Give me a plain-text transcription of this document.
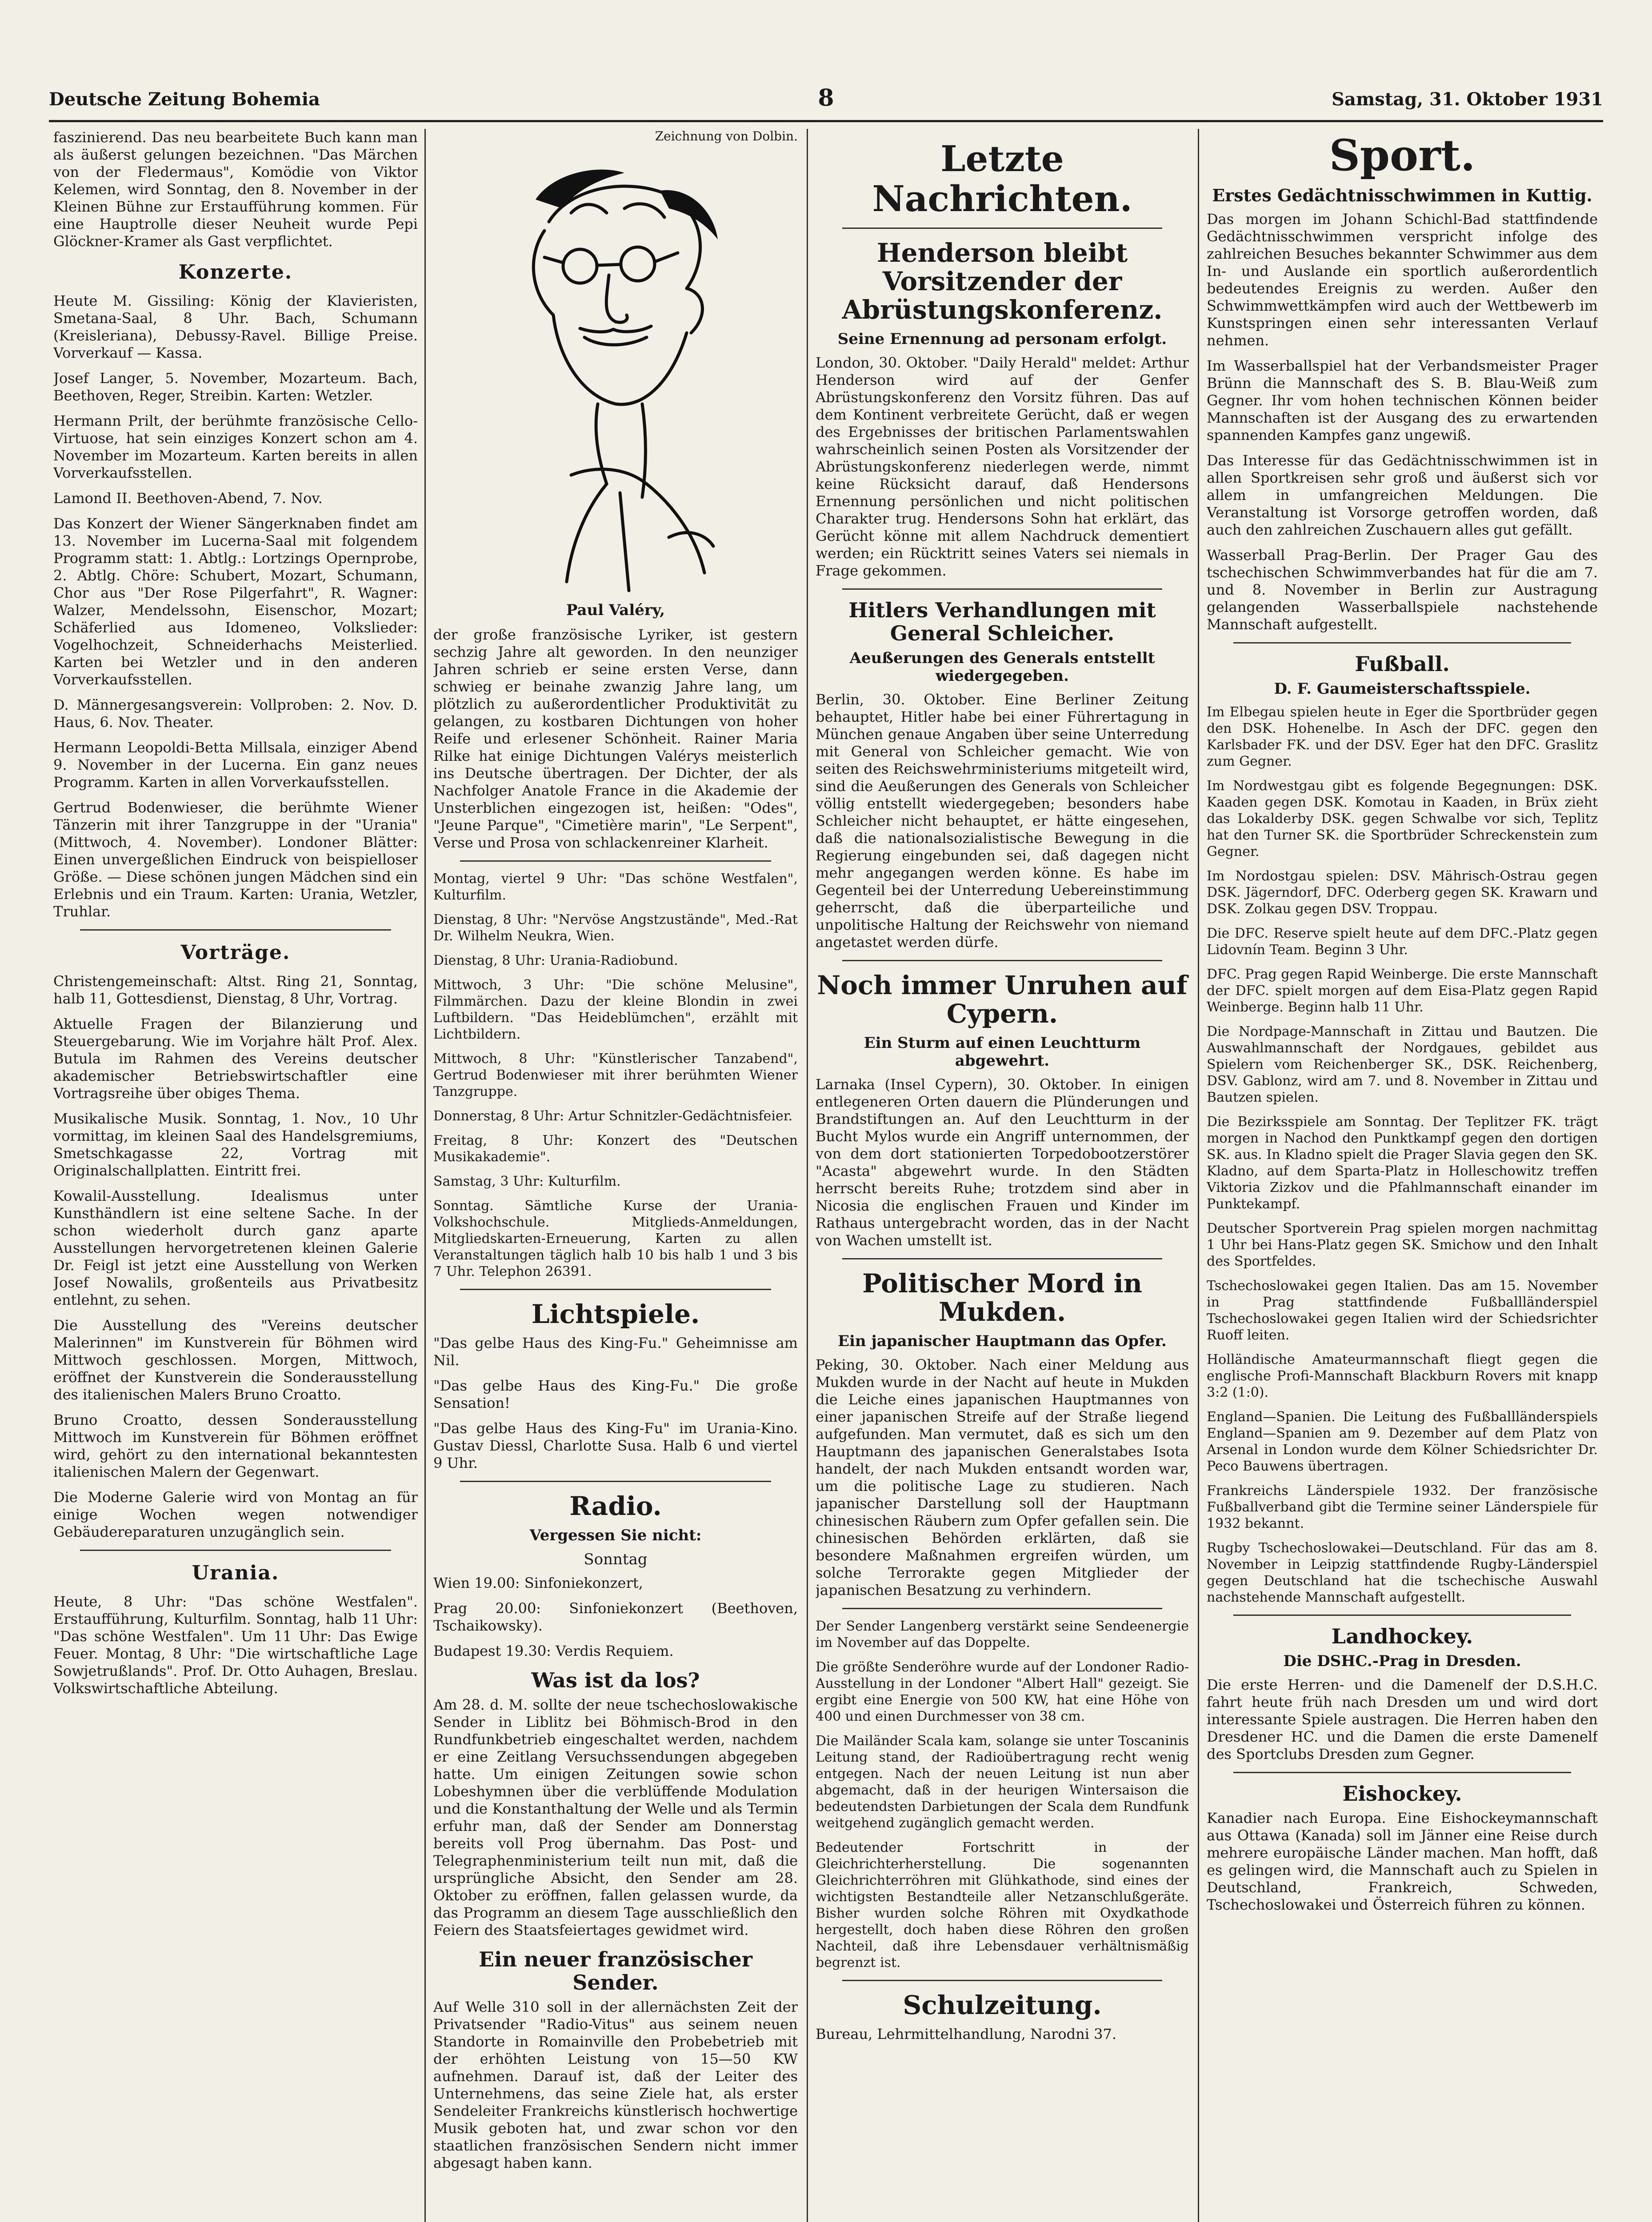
Deutsche Zeitung Bohemia	8	Samstag, 31. Oktober 1931

faszinierend. Das neu bearbeitete Buch kann man als äußerst gelungen bezeichnen. "Das Märchen von der Fledermaus", Komödie von Viktor Kelemen, wird Sonntag, den 8. November in der Kleinen Bühne zur Erstaufführung kommen. Für eine Hauptrolle dieser Neuheit wurde Pepi Glöckner-Kramer als Gast verpflichtet.

Konzerte.

Heute M. Gissiling: König der Klavieristen, Smetana-Saal, 8 Uhr. Bach, Schumann (Kreisleriana), Debussy-Ravel. Billige Preise. Vorverkauf — Kassa.

Josef Langer, 5. November, Mozarteum. Bach, Beethoven, Reger, Streibin. Karten: Wetzler.

Hermann Prilt, der berühmte französische Cello-Virtuose, hat sein einziges Konzert schon am 4. November im Mozarteum. Karten bereits in allen Vorverkaufsstellen.

Lamond II. Beethoven-Abend, 7. Nov.

Das Konzert der Wiener Sängerknaben findet am 13. November im Lucerna-Saal mit folgendem Programm statt: 1. Abtlg.: Lortzings Opernprobe, 2. Abtlg. Chöre: Schubert, Mozart, Schumann, Chor aus "Der Rose Pilgerfahrt", R. Wagner: Walzer, Mendelssohn, Eisenschor, Mozart; Schäferlied aus Idomeneo, Volkslieder: Vogelhochzeit, Schneiderhachs Meisterlied. Karten bei Wetzler und in den anderen Vorverkaufsstellen.

D. Männergesangsverein: Vollproben: 2. Nov. D. Haus, 6. Nov. Theater.

Hermann Leopoldi-Betta Millsala, einziger Abend 9. November in der Lucerna. Ein ganz neues Programm. Karten in allen Vorverkaufsstellen.

Gertrud Bodenwieser, die berühmte Wiener Tänzerin mit ihrer Tanzgruppe in der "Urania" (Mittwoch, 4. November). Londoner Blätter: Einen unvergeßlichen Eindruck von beispielloser Größe. — Diese schönen jungen Mädchen sind ein Erlebnis und ein Traum. Karten: Urania, Wetzler, Truhlar.

Vorträge.

Christengemeinschaft: Altst. Ring 21, Sonntag, halb 11, Gottesdienst, Dienstag, 8 Uhr, Vortrag.

Aktuelle Fragen der Bilanzierung und Steuergebarung. Wie im Vorjahre hält Prof. Alex. Butula im Rahmen des Vereins deutscher akademischer Betriebswirtschaftler eine Vortragsreihe über obiges Thema.

Musikalische Musik. Sonntag, 1. Nov., 10 Uhr vormittag, im kleinen Saal des Handelsgremiums, Smetschkagasse 22, Vortrag mit Originalschallplatten. Eintritt frei.

Kowalil-Ausstellung. Idealismus unter Kunsthändlern ist eine seltene Sache. In der schon wiederholt durch ganz aparte Ausstellungen hervorgetretenen kleinen Galerie Dr. Feigl ist jetzt eine Ausstellung von Werken Josef Nowalils, großenteils aus Privatbesitz entlehnt, zu sehen.

Die Ausstellung des "Vereins deutscher Malerinnen" im Kunstverein für Böhmen wird Mittwoch geschlossen. Morgen, Mittwoch, eröffnet der Kunstverein die Sonderausstellung des italienischen Malers Bruno Croatto.

Bruno Croatto, dessen Sonderausstellung Mittwoch im Kunstverein für Böhmen eröffnet wird, gehört zu den international bekanntesten italienischen Malern der Gegenwart.

Die Moderne Galerie wird von Montag an für einige Wochen wegen notwendiger Gebäudereparaturen unzugänglich sein.

Urania.

Heute, 8 Uhr: "Das schöne Westfalen". Erstaufführung, Kulturfilm. Sonntag, halb 11 Uhr: "Das schöne Westfalen". Um 11 Uhr: Das Ewige Feuer. Montag, 8 Uhr: "Die wirtschaftliche Lage Sowjetrußlands". Prof. Dr. Otto Auhagen, Breslau. Volkswirtschaftliche Abteilung.

Zeichnung von Dolbin.
Paul Valéry,

der große französische Lyriker, ist gestern sechzig Jahre alt geworden. In den neunziger Jahren schrieb er seine ersten Verse, dann schwieg er beinahe zwanzig Jahre lang, um plötzlich zu außerordentlicher Produktivität zu gelangen, zu kostbaren Dichtungen von hoher Reife und erlesener Schönheit. Rainer Maria Rilke hat einige Dichtungen Valérys meisterlich ins Deutsche übertragen. Der Dichter, der als Nachfolger Anatole France in die Akademie der Unsterblichen eingezogen ist, heißen: "Odes", "Jeune Parque", "Cimetière marin", "Le Serpent", Verse und Prosa von schlackenreiner Klarheit.

Montag, viertel 9 Uhr: "Das schöne Westfalen", Kulturfilm.

Dienstag, 8 Uhr: "Nervöse Angstzustände", Med.-Rat Dr. Wilhelm Neukra, Wien.

Dienstag, 8 Uhr: Urania-Radiobund.

Mittwoch, 3 Uhr: "Die schöne Melusine", Filmmärchen. Dazu der kleine Blondin in zwei Luftbildern. "Das Heideblümchen", erzählt mit Lichtbildern.

Mittwoch, 8 Uhr: "Künstlerischer Tanzabend", Gertrud Bodenwieser mit ihrer berühmten Wiener Tanzgruppe.

Donnerstag, 8 Uhr: Artur Schnitzler-Gedächtnisfeier.

Freitag, 8 Uhr: Konzert des "Deutschen Musikakademie".

Samstag, 3 Uhr: Kulturfilm.

Sonntag. Sämtliche Kurse der Urania-Volkshochschule. Mitglieds-Anmeldungen, Mitgliedskarten-Erneuerung, Karten zu allen Veranstaltungen täglich halb 10 bis halb 1 und 3 bis 7 Uhr. Telephon 26391.

Lichtspiele.

"Das gelbe Haus des King-Fu." Geheimnisse am Nil.

"Das gelbe Haus des King-Fu." Die große Sensation!

"Das gelbe Haus des King-Fu" im Urania-Kino. Gustav Diessl, Charlotte Susa. Halb 6 und viertel 9 Uhr.

Radio.
Vergessen Sie nicht:
Sonntag

Wien 19.00: Sinfoniekonzert,

Prag 20.00: Sinfoniekonzert (Beethoven, Tschaikowsky).

Budapest 19.30: Verdis Requiem.

Was ist da los?

Am 28. d. M. sollte der neue tschechoslowakische Sender in Liblitz bei Böhmisch-Brod in den Rundfunkbetrieb eingeschaltet werden, nachdem er eine Zeitlang Versuchssendungen abgegeben hatte. Um einigen Zeitungen sowie schon Lobeshymnen über die verblüffende Modulation und die Konstanthaltung der Welle und als Termin erfuhr man, daß der Sender am Donnerstag bereits voll Prog übernahm. Das Post- und Telegraphenministerium teilt nun mit, daß die ursprüngliche Absicht, den Sender am 28. Oktober zu eröffnen, fallen gelassen wurde, da das Programm an diesem Tage ausschließlich den Feiern des Staatsfeiertages gewidmet wird.

Ein neuer französischer Sender.

Auf Welle 310 soll in der allernächsten Zeit der Privatsender "Radio-Vitus" aus seinem neuen Standorte in Romainville den Probebetrieb mit der erhöhten Leistung von 15—50 KW aufnehmen. Darauf ist, daß der Leiter des Unternehmens, das seine Ziele hat, als erster Sendeleiter Frankreichs künstlerisch hochwertige Musik geboten hat, und zwar schon vor den staatlichen französischen Sendern nicht immer abgesagt haben kann.

Letzte Nachrichten.
Henderson bleibt Vorsitzender der Abrüstungskonferenz.
Seine Ernennung ad personam erfolgt.

London, 30. Oktober. "Daily Herald" meldet: Arthur Henderson wird auf der Genfer Abrüstungskonferenz den Vorsitz führen. Das auf dem Kontinent verbreitete Gerücht, daß er wegen des Ergebnisses der britischen Parlamentswahlen wahrscheinlich seinen Posten als Vorsitzender der Abrüstungskonferenz niederlegen werde, nimmt keine Rücksicht darauf, daß Hendersons Ernennung persönlichen und nicht politischen Charakter trug. Hendersons Sohn hat erklärt, das Gerücht könne mit allem Nachdruck dementiert werden; ein Rücktritt seines Vaters sei niemals in Frage gekommen.

Hitlers Verhandlungen mit General Schleicher.
Aeußerungen des Generals entstellt wiedergegeben.

Berlin, 30. Oktober. Eine Berliner Zeitung behauptet, Hitler habe bei einer Führertagung in München genaue Angaben über seine Unterredung mit General von Schleicher gemacht. Wie von seiten des Reichswehrministeriums mitgeteilt wird, sind die Aeußerungen des Generals von Schleicher völlig entstellt wiedergegeben; besonders habe Schleicher nicht behauptet, er hätte eingesehen, daß die nationalsozialistische Bewegung in die Regierung eingebunden sei, daß dagegen nicht mehr angegangen werden könne. Es habe im Gegenteil bei der Unterredung Uebereinstimmung geherrscht, daß die überparteiliche und unpolitische Haltung der Reichswehr von niemand angetastet werden dürfe.

Noch immer Unruhen auf Cypern.
Ein Sturm auf einen Leuchtturm abgewehrt.

Larnaka (Insel Cypern), 30. Oktober. In einigen entlegeneren Orten dauern die Plünderungen und Brandstiftungen an. Auf den Leuchtturm in der Bucht Mylos wurde ein Angriff unternommen, der von dem dort stationierten Torpedobootzerstörer "Acasta" abgewehrt wurde. In den Städten herrscht bereits Ruhe; trotzdem sind aber in Nicosia die englischen Frauen und Kinder im Rathaus untergebracht worden, das in der Nacht von Wachen umstellt ist.

Politischer Mord in Mukden.
Ein japanischer Hauptmann das Opfer.

Peking, 30. Oktober. Nach einer Meldung aus Mukden wurde in der Nacht auf heute in Mukden die Leiche eines japanischen Hauptmannes von einer japanischen Streife auf der Straße liegend aufgefunden. Man vermutet, daß es sich um den Hauptmann des japanischen Generalstabes Isota handelt, der nach Mukden entsandt worden war, um die politische Lage zu studieren. Nach japanischer Darstellung soll der Hauptmann chinesischen Räubern zum Opfer gefallen sein. Die chinesischen Behörden erklärten, daß sie besondere Maßnahmen ergreifen würden, um solche Terrorakte gegen Mitglieder der japanischen Besatzung zu verhindern.

Der Sender Langenberg verstärkt seine Sendeenergie im November auf das Doppelte.

Die größte Senderöhre wurde auf der Londoner Radio-Ausstellung in der Londoner "Albert Hall" gezeigt. Sie ergibt eine Energie von 500 KW, hat eine Höhe von 400 und einen Durchmesser von 38 cm.

Die Mailänder Scala kam, solange sie unter Toscaninis Leitung stand, der Radioübertragung recht wenig entgegen. Nach der neuen Leitung ist nun aber abgemacht, daß in der heurigen Wintersaison die bedeutendsten Darbietungen der Scala dem Rundfunk weitgehend zugänglich gemacht werden.

Bedeutender Fortschritt in der Gleichrichterherstellung. Die sogenannten Gleichrichterröhren mit Glühkathode, sind eines der wichtigsten Bestandteile aller Netzanschlußgeräte. Bisher wurden solche Röhren mit Oxydkathode hergestellt, doch haben diese Röhren den großen Nachteil, daß ihre Lebensdauer verhältnismäßig begrenzt ist.

Schulzeitung.

Bureau, Lehrmittelhandlung, Narodni 37.

Sport.
Erstes Gedächtnisschwimmen in Kuttig.

Das morgen im Johann Schichl-Bad stattfindende Gedächtnisschwimmen verspricht infolge des zahlreichen Besuches bekannter Schwimmer aus dem In- und Auslande ein sportlich außerordentlich bedeutendes Ereignis zu werden. Außer den Schwimmwettkämpfen wird auch der Wettbewerb im Kunstspringen einen sehr interessanten Verlauf nehmen.

Im Wasserballspiel hat der Verbandsmeister Prager Brünn die Mannschaft des S. B. Blau-Weiß zum Gegner. Ihr vom hohen technischen Können beider Mannschaften ist der Ausgang des zu erwartenden spannenden Kampfes ganz ungewiß.

Das Interesse für das Gedächtnisschwimmen ist in allen Sportkreisen sehr groß und äußerst sich vor allem in umfangreichen Meldungen. Die Veranstaltung ist Vorsorge getroffen worden, daß auch den zahlreichen Zuschauern alles gut gefällt.

Wasserball Prag-Berlin. Der Prager Gau des tschechischen Schwimmverbandes hat für die am 7. und 8. November in Berlin zur Austragung gelangenden Wasserballspiele nachstehende Mannschaft aufgestellt.

Fußball.
D. F. Gaumeisterschaftsspiele.

Im Elbegau spielen heute in Eger die Sportbrüder gegen den DSK. Hohenelbe. In Asch der DFC. gegen den Karlsbader FK. und der DSV. Eger hat den DFC. Graslitz zum Gegner.

Im Nordwestgau gibt es folgende Begegnungen: DSK. Kaaden gegen DSK. Komotau in Kaaden, in Brüx zieht das Lokalderby DSK. gegen Schwalbe vor sich, Teplitz hat den Turner SK. die Sportbrüder Schreckenstein zum Gegner.

Im Nordostgau spielen: DSV. Mährisch-Ostrau gegen DSK. Jägerndorf, DFC. Oderberg gegen SK. Krawarn und DSK. Zolkau gegen DSV. Troppau.

Die DFC. Reserve spielt heute auf dem DFC.-Platz gegen Lidovnín Team. Beginn 3 Uhr.

DFC. Prag gegen Rapid Weinberge. Die erste Mannschaft der DFC. spielt morgen auf dem Eisa-Platz gegen Rapid Weinberge. Beginn halb 11 Uhr.

Die Nordpage-Mannschaft in Zittau und Bautzen. Die Auswahlmannschaft der Nordgaues, gebildet aus Spielern vom Reichenberger SK., DSK. Reichenberg, DSV. Gablonz, wird am 7. und 8. November in Zittau und Bautzen spielen.

Die Bezirksspiele am Sonntag. Der Teplitzer FK. trägt morgen in Nachod den Punktkampf gegen den dortigen SK. aus. In Kladno spielt die Prager Slavia gegen den SK. Kladno, auf dem Sparta-Platz in Holleschowitz treffen Viktoria Zizkov und die Pfahlmannschaft einander im Punktekampf.

Deutscher Sportverein Prag spielen morgen nachmittag 1 Uhr bei Hans-Platz gegen SK. Smichow und den Inhalt des Sportfeldes.

Tschechoslowakei gegen Italien. Das am 15. November in Prag stattfindende Fußballländerspiel Tschechoslowakei gegen Italien wird der Schiedsrichter Ruoff leiten.

Holländische Amateurmannschaft fliegt gegen die englische Profi-Mannschaft Blackburn Rovers mit knapp 3:2 (1:0).

England—Spanien. Die Leitung des Fußballländerspiels England—Spanien am 9. Dezember auf dem Platz von Arsenal in London wurde dem Kölner Schiedsrichter Dr. Peco Bauwens übertragen.

Frankreichs Länderspiele 1932. Der französische Fußballverband gibt die Termine seiner Länderspiele für 1932 bekannt.

Rugby Tschechoslowakei—Deutschland. Für das am 8. November in Leipzig stattfindende Rugby-Länderspiel gegen Deutschland hat die tschechische Auswahl nachstehende Mannschaft aufgestellt.

Landhockey.
Die DSHC.-Prag in Dresden.

Die erste Herren- und die Damenelf der D.S.H.C. fahrt heute früh nach Dresden um und wird dort interessante Spiele austragen. Die Herren haben den Dresdener HC. und die Damen die erste Damenelf des Sportclubs Dresden zum Gegner.

Eishockey.

Kanadier nach Europa. Eine Eishockeymannschaft aus Ottawa (Kanada) soll im Jänner eine Reise durch mehrere europäische Länder machen. Man hofft, daß es gelingen wird, die Mannschaft auch zu Spielen in Deutschland, Frankreich, Schweden, Tschechoslowakei und Österreich führen zu können.
